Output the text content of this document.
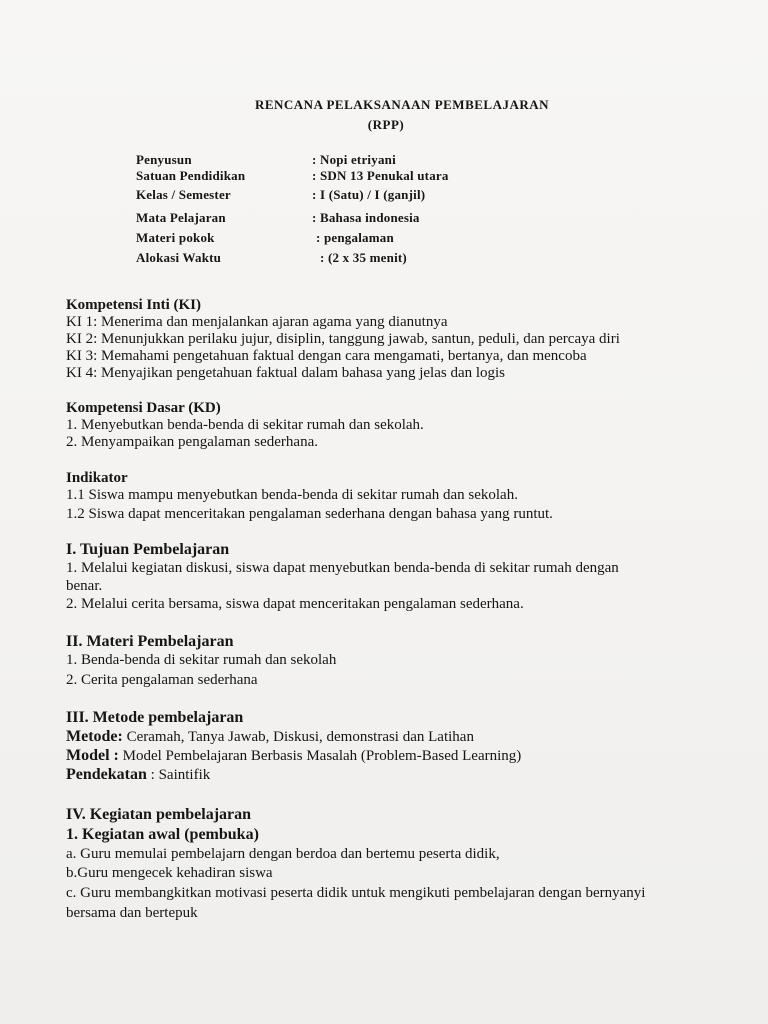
RENCANA PELAKSANAAN PEMBELAJARAN
(RPP)
Penyusun	: Nopi etriyani
Satuan Pendidikan	: SDN 13 Penukal utara
Kelas / Semester	: I (Satu) / I (ganjil)
Mata Pelajaran	: Bahasa indonesia
Materi pokok	: pengalaman
Alokasi Waktu	: (2 x 35 menit)
Kompetensi Inti (KI)
KI 1: Menerima dan menjalankan ajaran agama yang dianutnya
KI 2: Menunjukkan perilaku jujur, disiplin, tanggung jawab, santun, peduli, dan percaya diri
KI 3: Memahami pengetahuan faktual dengan cara mengamati, bertanya, dan mencoba
KI 4: Menyajikan pengetahuan faktual dalam bahasa yang jelas dan logis
Kompetensi Dasar (KD)
1. Menyebutkan benda-benda di sekitar rumah dan sekolah.
2. Menyampaikan pengalaman sederhana.
Indikator
1.1 Siswa mampu menyebutkan benda-benda di sekitar rumah dan sekolah.
1.2 Siswa dapat menceritakan pengalaman sederhana dengan bahasa yang runtut.
I. Tujuan Pembelajaran
1. Melalui kegiatan diskusi, siswa dapat menyebutkan benda-benda di sekitar rumah dengan
benar.
2. Melalui cerita bersama, siswa dapat menceritakan pengalaman sederhana.
II. Materi Pembelajaran
1. Benda-benda di sekitar rumah dan sekolah
2. Cerita pengalaman sederhana
III. Metode pembelajaran
Metode: Ceramah, Tanya Jawab, Diskusi, demonstrasi dan Latihan
Model : Model Pembelajaran Berbasis Masalah (Problem-Based Learning)
Pendekatan : Saintifik
IV. Kegiatan pembelajaran
1. Kegiatan awal (pembuka)
a. Guru memulai pembelajarn dengan berdoa dan bertemu peserta didik,
b.Guru mengecek kehadiran siswa
c. Guru membangkitkan motivasi peserta didik untuk mengikuti pembelajaran dengan bernyanyi
bersama dan bertepuk
